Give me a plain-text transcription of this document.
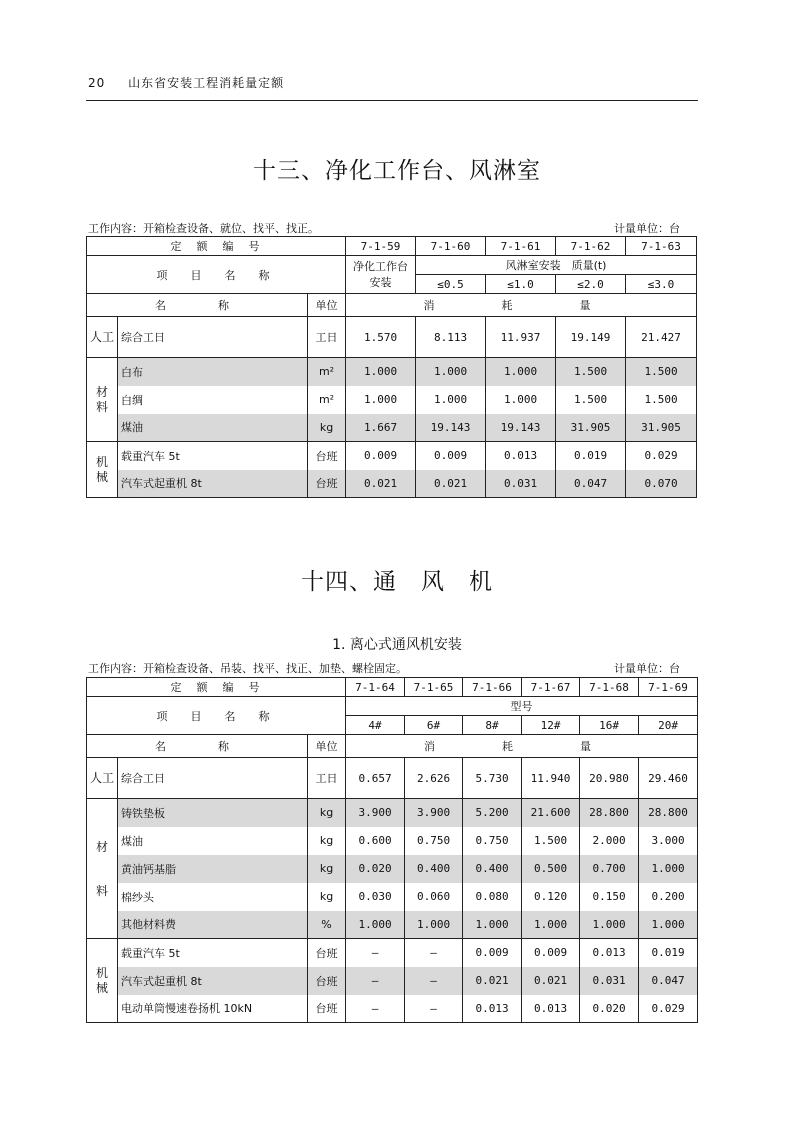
20 山东省安装工程消耗量定额
十三、净化工作台、风淋室
工作内容：开箱检查设备、就位、找平、找正。	计量单位：台
定　额　编　号			7-1-59	7-1-60	7-1-61	7-1-62	7-1-63
项　目　名　称			净化工作台安装	风淋室安装　质量(t)			
				≤0.5	≤1.0	≤2.0	≤3.0
名　　称		单位	消　耗　量				
人工	综合工日	工日	1.570	8.113	11.937	19.149	21.427
材料	白布	m²	1.000	1.000	1.000	1.500	1.500
	白绸	m²	1.000	1.000	1.000	1.500	1.500
	煤油	kg	1.667	19.143	19.143	31.905	31.905
机械	载重汽车 5t	台班	0.009	0.009	0.013	0.019	0.029
	汽车式起重机 8t	台班	0.021	0.021	0.031	0.047	0.070
十四、通　风　机
1. 离心式通风机安装
工作内容：开箱检查设备、吊装、找平、找正、加垫、螺栓固定。	计量单位：台
定　额　编　号			7-1-64	7-1-65	7-1-66	7-1-67	7-1-68	7-1-69
项　目　名　称			型号					
			4#	6#	8#	12#	16#	20#
名　　称		单位	消　耗　量					
人工	综合工日	工日	0.657	2.626	5.730	11.940	20.980	29.460
材料	铸铁垫板	kg	3.900	3.900	5.200	21.600	28.800	28.800
	煤油	kg	0.600	0.750	0.750	1.500	2.000	3.000
	黄油钙基脂	kg	0.020	0.400	0.400	0.500	0.700	1.000
	棉纱头	kg	0.030	0.060	0.080	0.120	0.150	0.200
	其他材料费	%	1.000	1.000	1.000	1.000	1.000	1.000
机械	载重汽车 5t	台班	—	—	0.009	0.009	0.013	0.019
	汽车式起重机 8t	台班	—	—	0.021	0.021	0.031	0.047
	电动单筒慢速卷扬机 10kN	台班	—	—	0.013	0.013	0.020	0.029
